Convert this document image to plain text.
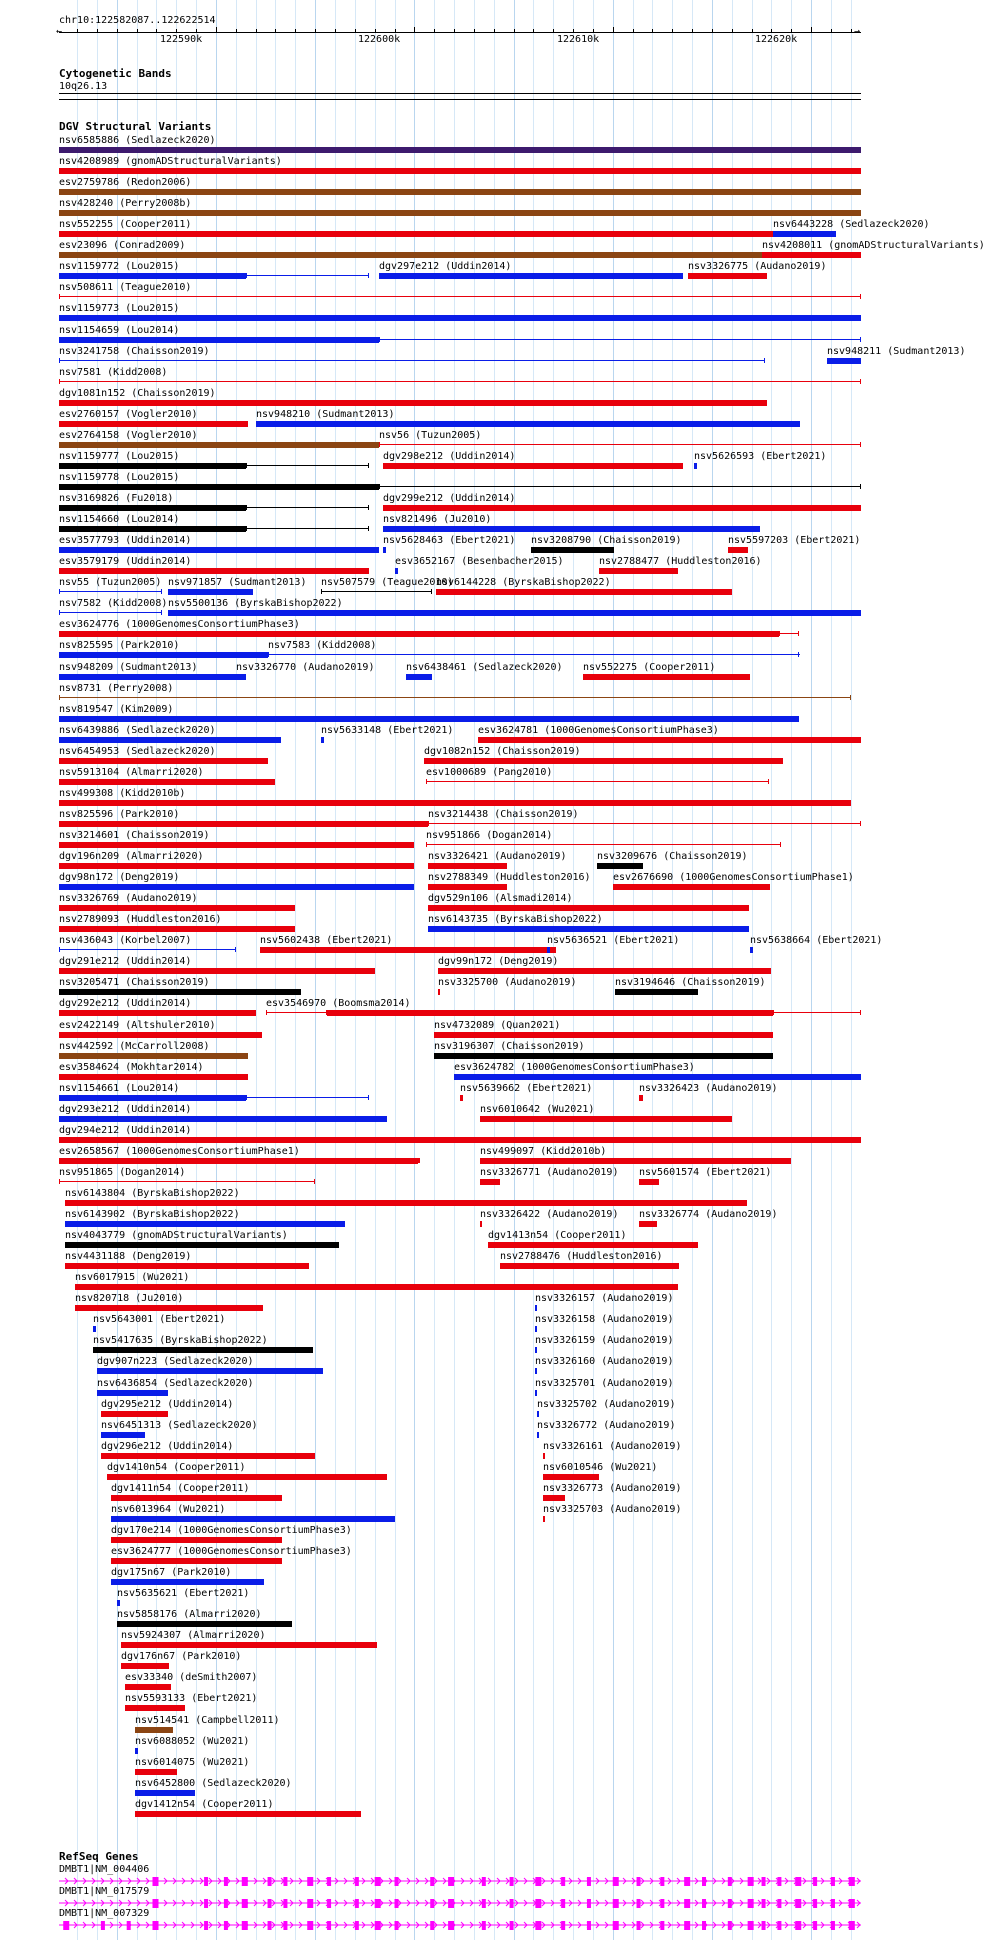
chr10:122582087..122622514
122590k	122600k	122610k	122620k
Cytogenetic Bands
10q26.13
DGV Structural Variants
RefSeq Genes
←	→
nsv6585886 (Sedlazeck2020)
nsv4208989 (gnomADStructuralVariants)
esv2759786 (Redon2006)
nsv428240 (Perry2008b)
nsv552255 (Cooper2011)	nsv6443228 (Sedlazeck2020)
esv23096 (Conrad2009)	nsv4208011 (gnomADStructuralVariants)
nsv1159772 (Lou2015)	dgv297e212 (Uddin2014)	nsv3326775 (Audano2019)
nsv508611 (Teague2010)
nsv1159773 (Lou2015)
nsv1154659 (Lou2014)
nsv3241758 (Chaisson2019)	nsv948211 (Sudmant2013)
nsv7581 (Kidd2008)
dgv1081n152 (Chaisson2019)
esv2760157 (Vogler2010)	nsv948210 (Sudmant2013)
esv2764158 (Vogler2010)	nsv56 (Tuzun2005)
nsv1159777 (Lou2015)	dgv298e212 (Uddin2014)	nsv5626593 (Ebert2021)
nsv1159778 (Lou2015)
nsv3169826 (Fu2018)	dgv299e212 (Uddin2014)
nsv1154660 (Lou2014)	nsv821496 (Ju2010)
esv3577793 (Uddin2014)	nsv5628463 (Ebert2021) nsv3208790 (Chaisson2019)	nsv5597203 (Ebert2021)
esv3579179 (Uddin2014)	esv3652167 (Besenbacher2015)	nsv2788477 (Huddleston2016)
nsv55 (Tuzun2005) nsv971857 (Sudmant2013) nsv507579 (Teague2010)
nsv6144228 (ByrskaBishop2022)
nsv7582 (Kidd2008) nsv5500136 (ByrskaBishop2022)
esv3624776 (1000GenomesConsortiumPhase3)
nsv825595 (Park2010)	nsv7583 (Kidd2008)
nsv948209 (Sudmant2013)	nsv3326770 (Audano2019)	nsv6438461 (Sedlazeck2020) nsv552275 (Cooper2011)
nsv8731 (Perry2008)
nsv819547 (Kim2009)
nsv6439886 (Sedlazeck2020)	nsv5633148 (Ebert2021) esv3624781 (1000GenomesConsortiumPhase3)
nsv6454953 (Sedlazeck2020)	dgv1082n152 (Chaisson2019)
nsv5913104 (Almarri2020)	esv1000689 (Pang2010)
nsv499308 (Kidd2010b)
nsv825596 (Park2010)	nsv3214438 (Chaisson2019)
nsv3214601 (Chaisson2019)	nsv951866 (Dogan2014)
dgv196n209 (Almarri2020)	nsv3326421 (Audano2019)	nsv3209676 (Chaisson2019)
dgv98n172 (Deng2019)	nsv2788349 (Huddleston2016) esv2676690 (1000GenomesConsortiumPhase1)
nsv3326769 (Audano2019)	dgv529n106 (Alsmadi2014)
nsv2789093 (Huddleston2016)	nsv6143735 (ByrskaBishop2022)
nsv436043 (Korbel2007)	nsv5602438 (Ebert2021)	nsv5636521 (Ebert2021)	nsv5638664 (Ebert2021)
dgv291e212 (Uddin2014)	dgv99n172 (Deng2019)
nsv3205471 (Chaisson2019)	nsv3325700 (Audano2019)	nsv3194646 (Chaisson2019)
dgv292e212 (Uddin2014)	esv3546970 (Boomsma2014)
esv2422149 (Altshuler2010)	nsv4732089 (Quan2021)
nsv442592 (McCarroll2008)	nsv3196307 (Chaisson2019)
esv3584624 (Mokhtar2014)	esv3624782 (1000GenomesConsortiumPhase3)
nsv1154661 (Lou2014)	nsv5639662 (Ebert2021)	nsv3326423 (Audano2019)
dgv293e212 (Uddin2014)	nsv6010642 (Wu2021)
dgv294e212 (Uddin2014)
esv2658567 (1000GenomesConsortiumPhase1)	nsv499097 (Kidd2010b)
nsv951865 (Dogan2014)	nsv3326771 (Audano2019) nsv5601574 (Ebert2021)
nsv6143804 (ByrskaBishop2022)
nsv6143902 (ByrskaBishop2022)	nsv3326422 (Audano2019) nsv3326774 (Audano2019)
nsv4043779 (gnomADStructuralVariants)	dgv1413n54 (Cooper2011)
nsv4431188 (Deng2019)	nsv2788476 (Huddleston2016)
nsv6017915 (Wu2021)
nsv820718 (Ju2010)	nsv3326157 (Audano2019)
nsv5643001 (Ebert2021)	nsv3326158 (Audano2019)
nsv5417635 (ByrskaBishop2022)	nsv3326159 (Audano2019)
dgv907n223 (Sedlazeck2020)	nsv3326160 (Audano2019)
nsv6436854 (Sedlazeck2020)	nsv3325701 (Audano2019)
dgv295e212 (Uddin2014)	nsv3325702 (Audano2019)
nsv6451313 (Sedlazeck2020)	nsv3326772 (Audano2019)
dgv296e212 (Uddin2014)	nsv3326161 (Audano2019)
dgv1410n54 (Cooper2011)	nsv6010546 (Wu2021)
dgv1411n54 (Cooper2011)	nsv3326773 (Audano2019)
nsv6013964 (Wu2021)	nsv3325703 (Audano2019)
dgv170e214 (1000GenomesConsortiumPhase3)
esv3624777 (1000GenomesConsortiumPhase3)
dgv175n67 (Park2010)
nsv5635621 (Ebert2021)
nsv5858176 (Almarri2020)
nsv5924307 (Almarri2020)
dgv176n67 (Park2010)
esv33340 (deSmith2007)
nsv5593133 (Ebert2021)
nsv514541 (Campbell2011)
nsv6088052 (Wu2021)
nsv6014075 (Wu2021)
nsv6452800 (Sedlazeck2020)
dgv1412n54 (Cooper2011)
DMBT1|NM_004406
DMBT1|NM_017579
DMBT1|NM_007329
